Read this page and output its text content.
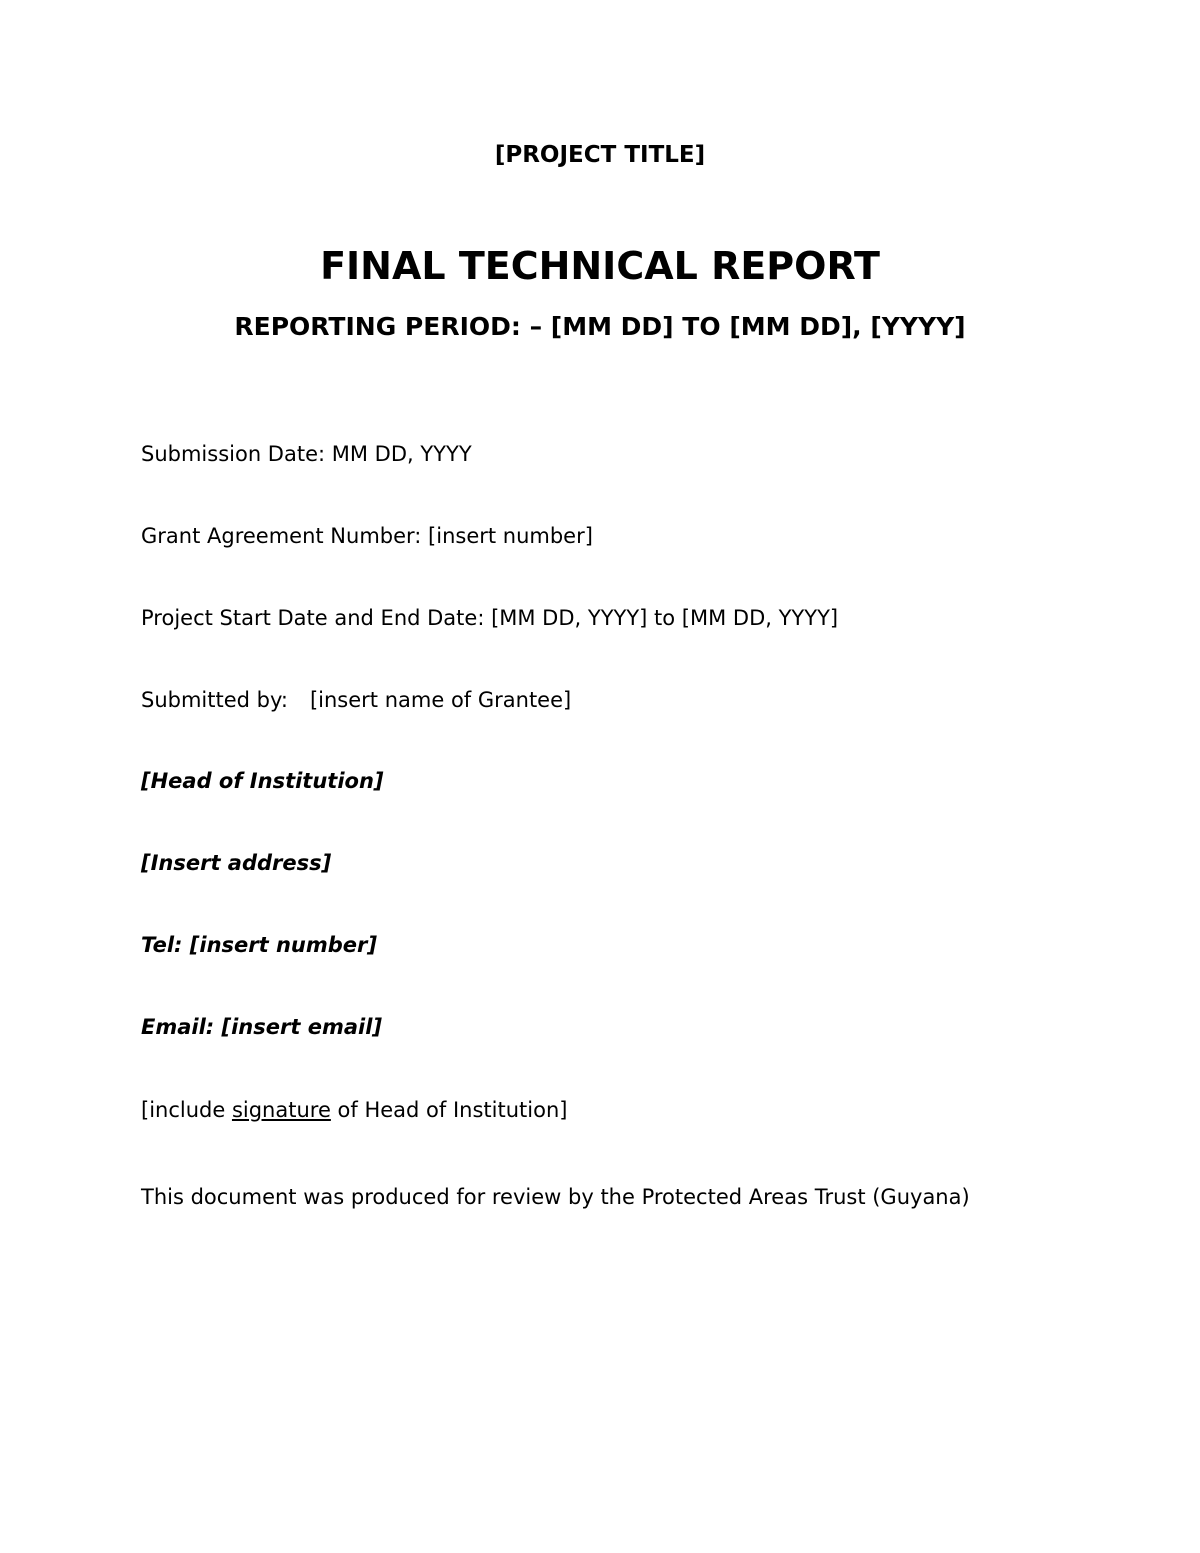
[PROJECT TITLE]
FINAL TECHNICAL REPORT
REPORTING PERIOD: – [MM DD] TO [MM DD], [YYYY]
Submission Date: MM DD, YYYY
Grant Agreement Number: [insert number]
Project Start Date and End Date: [MM DD, YYYY] to [MM DD, YYYY]
Submitted by: [insert name of Grantee]
[Head of Institution]
[Insert address]
Tel: [insert number]
Email: [insert email]
[include signature of Head of Institution]
This document was produced for review by the Protected Areas Trust (Guyana)
